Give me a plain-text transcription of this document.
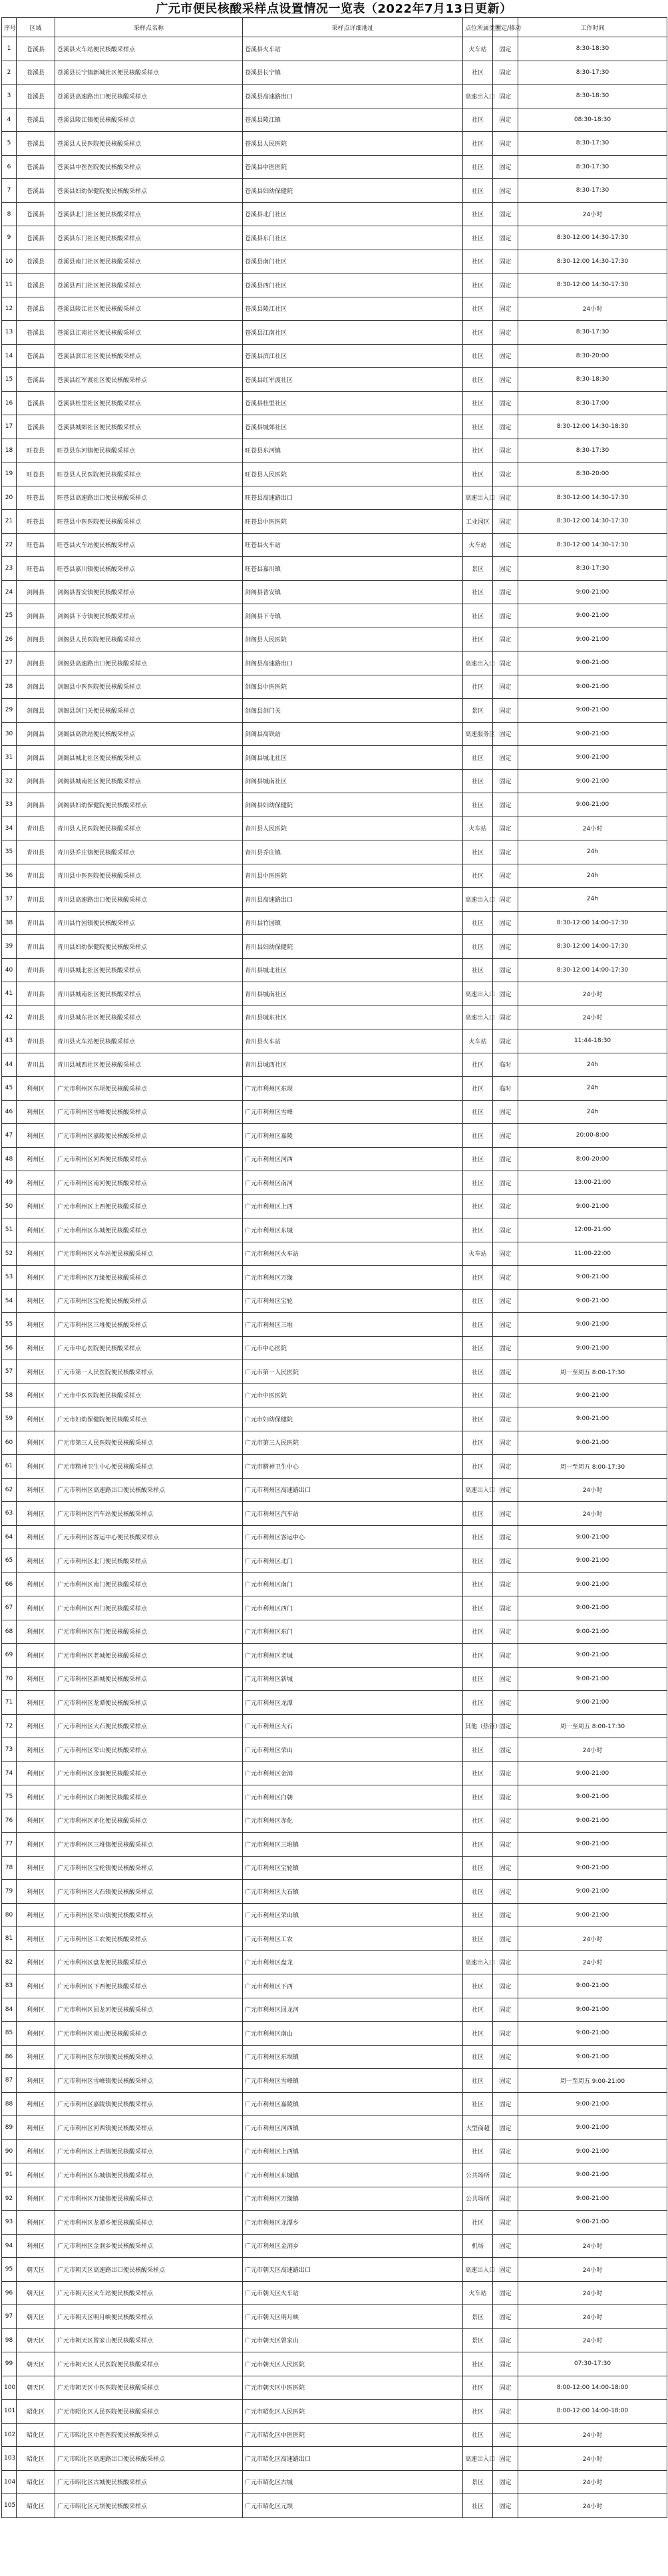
广元市便民核酸采样点设置情况一览表（2022年7月13日更新）
序号	区域	采样点名称	采样点详细地址	点位所属类型	固定/移动	工作时间
1	苍溪县	苍溪县火车站便民核酸采样点	苍溪县火车站	火车站	固定	8:30-18:30
2	苍溪县	苍溪县长宁镇新城社区便民核酸采样点	苍溪县长宁镇	社区	固定	8:30-17:30
3	苍溪县	苍溪县高速路出口便民核酸采样点	苍溪县高速路出口	高速出入口	固定	8:30-18:30
4	苍溪县	苍溪县陵江镇便民核酸采样点	苍溪县陵江镇	社区	固定	08:30-18:30
5	苍溪县	苍溪县人民医院便民核酸采样点	苍溪县人民医院	社区	固定	8:30-17:30
6	苍溪县	苍溪县中医医院便民核酸采样点	苍溪县中医医院	社区	固定	8:30-17:30
7	苍溪县	苍溪县妇幼保健院便民核酸采样点	苍溪县妇幼保健院	社区	固定	8:30-17:30
8	苍溪县	苍溪县北门社区便民核酸采样点	苍溪县北门社区	社区	固定	24小时
9	苍溪县	苍溪县东门社区便民核酸采样点	苍溪县东门社区	社区	固定	8:30-12:00 14:30-17:30
10	苍溪县	苍溪县南门社区便民核酸采样点	苍溪县南门社区	社区	固定	8:30-12:00 14:30-17:30
11	苍溪县	苍溪县西门社区便民核酸采样点	苍溪县西门社区	社区	固定	8:30-12:00 14:30-17:30
12	苍溪县	苍溪县陵江社区便民核酸采样点	苍溪县陵江社区	社区	固定	24小时
13	苍溪县	苍溪县江南社区便民核酸采样点	苍溪县江南社区	社区	固定	8:30-17:30
14	苍溪县	苍溪县滨江社区便民核酸采样点	苍溪县滨江社区	社区	固定	8:30-20:00
15	苍溪县	苍溪县红军渡社区便民核酸采样点	苍溪县红军渡社区	社区	固定	8:30-18:30
16	苍溪县	苍溪县杜里社区便民核酸采样点	苍溪县杜里社区	社区	固定	8:30-17:00
17	苍溪县	苍溪县城郊社区便民核酸采样点	苍溪县城郊社区	社区	固定	8:30-12:00 14:30-18:30
18	旺苍县	旺苍县东河镇便民核酸采样点	旺苍县东河镇	社区	固定	8:30-17:30
19	旺苍县	旺苍县人民医院便民核酸采样点	旺苍县人民医院	社区	固定	8:30-20:00
20	旺苍县	旺苍县高速路出口便民核酸采样点	旺苍县高速路出口	高速出入口	固定	8:30-12:00 14:30-17:30
21	旺苍县	旺苍县中医医院便民核酸采样点	旺苍县中医医院	工业园区	固定	8:30-12:00 14:30-17:30
22	旺苍县	旺苍县火车站便民核酸采样点	旺苍县火车站	火车站	固定	8:30-12:00 14:30-17:30
23	旺苍县	旺苍县嘉川镇便民核酸采样点	旺苍县嘉川镇	景区	固定	8:30-17:30
24	剑阁县	剑阁县普安镇便民核酸采样点	剑阁县普安镇	社区	固定	9:00-21:00
25	剑阁县	剑阁县下寺镇便民核酸采样点	剑阁县下寺镇	社区	固定	9:00-21:00
26	剑阁县	剑阁县人民医院便民核酸采样点	剑阁县人民医院	社区	固定	9:00-21:00
27	剑阁县	剑阁县高速路出口便民核酸采样点	剑阁县高速路出口	高速出入口	固定	9:00-21:00
28	剑阁县	剑阁县中医医院便民核酸采样点	剑阁县中医医院	社区	固定	9:00-21:00
29	剑阁县	剑阁县剑门关便民核酸采样点	剑阁县剑门关	景区	固定	9:00-21:00
30	剑阁县	剑阁县高铁站便民核酸采样点	剑阁县高铁站	高速服务区	固定	9:00-21:00
31	剑阁县	剑阁县城北社区便民核酸采样点	剑阁县城北社区	社区	固定	9:00-21:00
32	剑阁县	剑阁县城南社区便民核酸采样点	剑阁县城南社区	社区	固定	9:00-21:00
33	剑阁县	剑阁县妇幼保健院便民核酸采样点	剑阁县妇幼保健院	社区	固定	9:00-21:00
34	青川县	青川县人民医院便民核酸采样点	青川县人民医院	火车站	固定	24小时
35	青川县	青川县乔庄镇便民核酸采样点	青川县乔庄镇	社区	固定	24h
36	青川县	青川县中医医院便民核酸采样点	青川县中医医院	社区	固定	24h
37	青川县	青川县高速路出口便民核酸采样点	青川县高速路出口	高速出入口	固定	24h
38	青川县	青川县竹园镇便民核酸采样点	青川县竹园镇	社区	固定	8:30-12:00 14:00-17:30
39	青川县	青川县妇幼保健院便民核酸采样点	青川县妇幼保健院	社区	固定	8:30-12:00 14:00-17:30
40	青川县	青川县城北社区便民核酸采样点	青川县城北社区	社区	固定	8:30-12:00 14:00-17:30
41	青川县	青川县城南社区便民核酸采样点	青川县城南社区	高速出入口	固定	24小时
42	青川县	青川县城东社区便民核酸采样点	青川县城东社区	高速出入口	固定	24小时
43	青川县	青川县火车站便民核酸采样点	青川县火车站	火车站	固定	11:44-18:30
44	青川县	青川县城西社区便民核酸采样点	青川县城西社区	社区	临时	24h
45	利州区	广元市利州区东坝便民核酸采样点	广元市利州区东坝	社区	临时	24h
46	利州区	广元市利州区雪峰便民核酸采样点	广元市利州区雪峰	社区	固定	24h
47	利州区	广元市利州区嘉陵便民核酸采样点	广元市利州区嘉陵	社区	固定	20:00-8:00
48	利州区	广元市利州区河西便民核酸采样点	广元市利州区河西	社区	固定	8:00-20:00
49	利州区	广元市利州区南河便民核酸采样点	广元市利州区南河	社区	固定	13:00-21:00
50	利州区	广元市利州区上西便民核酸采样点	广元市利州区上西	社区	固定	9:00-21:00
51	利州区	广元市利州区东城便民核酸采样点	广元市利州区东城	社区	固定	12:00-21:00
52	利州区	广元市利州区火车站便民核酸采样点	广元市利州区火车站	火车站	固定	11:00-22:00
53	利州区	广元市利州区万缘便民核酸采样点	广元市利州区万缘	社区	固定	9:00-21:00
54	利州区	广元市利州区宝轮便民核酸采样点	广元市利州区宝轮	社区	固定	9:00-21:00
55	利州区	广元市利州区三堆便民核酸采样点	广元市利州区三堆	社区	固定	9:00-21:00
56	利州区	广元市中心医院便民核酸采样点	广元市中心医院	社区	固定	9:00-21:00
57	利州区	广元市第一人民医院便民核酸采样点	广元市第一人民医院	社区	固定	周一至周五 8:00-17:30
58	利州区	广元市中医医院便民核酸采样点	广元市中医医院	社区	固定	9:00-21:00
59	利州区	广元市妇幼保健院便民核酸采样点	广元市妇幼保健院	社区	固定	9:00-21:00
60	利州区	广元市第三人民医院便民核酸采样点	广元市第三人民医院	社区	固定	9:00-21:00
61	利州区	广元市精神卫生中心便民核酸采样点	广元市精神卫生中心	社区	固定	周一至周五 8:00-17:30
62	利州区	广元市利州区高速路出口便民核酸采样点	广元市利州区高速路出口	高速出入口	固定	24小时
63	利州区	广元市利州区汽车站便民核酸采样点	广元市利州区汽车站	社区	固定	24小时
64	利州区	广元市利州区客运中心便民核酸采样点	广元市利州区客运中心	社区	固定	9:00-21:00
65	利州区	广元市利州区北门便民核酸采样点	广元市利州区北门	社区	固定	9:00-21:00
66	利州区	广元市利州区南门便民核酸采样点	广元市利州区南门	社区	固定	9:00-21:00
67	利州区	广元市利州区西门便民核酸采样点	广元市利州区西门	社区	固定	9:00-21:00
68	利州区	广元市利州区东门便民核酸采样点	广元市利州区东门	社区	固定	9:00-21:00
69	利州区	广元市利州区老城便民核酸采样点	广元市利州区老城	社区	固定	9:00-21:00
70	利州区	广元市利州区新城便民核酸采样点	广元市利州区新城	社区	固定	9:00-21:00
71	利州区	广元市利州区龙潭便民核酸采样点	广元市利州区龙潭	社区	固定	9:00-21:00
72	利州区	广元市利州区大石便民核酸采样点	广元市利州区大石	其他（热管）	固定	周一至周五 8:00-17:30
73	利州区	广元市利州区荣山便民核酸采样点	广元市利州区荣山	社区	固定	24小时
74	利州区	广元市利州区金洞便民核酸采样点	广元市利州区金洞	社区	固定	9:00-21:00
75	利州区	广元市利州区白朝便民核酸采样点	广元市利州区白朝	社区	固定	9:00-21:00
76	利州区	广元市利州区赤化便民核酸采样点	广元市利州区赤化	社区	固定	9:00-21:00
77	利州区	广元市利州区三堆镇便民核酸采样点	广元市利州区三堆镇	社区	固定	9:00-21:00
78	利州区	广元市利州区宝轮镇便民核酸采样点	广元市利州区宝轮镇	社区	固定	9:00-21:00
79	利州区	广元市利州区大石镇便民核酸采样点	广元市利州区大石镇	社区	固定	9:00-21:00
80	利州区	广元市利州区荣山镇便民核酸采样点	广元市利州区荣山镇	社区	固定	9:00-21:00
81	利州区	广元市利州区工农便民核酸采样点	广元市利州区工农	社区	固定	24小时
82	利州区	广元市利州区盘龙便民核酸采样点	广元市利州区盘龙	高速出入口	固定	24小时
83	利州区	广元市利州区下西便民核酸采样点	广元市利州区下西	社区	固定	9:00-21:00
84	利州区	广元市利州区回龙河便民核酸采样点	广元市利州区回龙河	社区	固定	9:00-21:00
85	利州区	广元市利州区南山便民核酸采样点	广元市利州区南山	社区	固定	9:00-21:00
86	利州区	广元市利州区东坝镇便民核酸采样点	广元市利州区东坝镇	社区	固定	9:00-21:00
87	利州区	广元市利州区雪峰镇便民核酸采样点	广元市利州区雪峰镇	社区	固定	周一至周五 9:00-21:00
88	利州区	广元市利州区嘉陵镇便民核酸采样点	广元市利州区嘉陵镇	社区	固定	9:00-21:00
89	利州区	广元市利州区河西镇便民核酸采样点	广元市利州区河西镇	大型商超	固定	9:00-21:00
90	利州区	广元市利州区上西镇便民核酸采样点	广元市利州区上西镇	社区	固定	9:00-21:00
91	利州区	广元市利州区东城镇便民核酸采样点	广元市利州区东城镇	公共场所	固定	9:00-21:00
92	利州区	广元市利州区万缘镇便民核酸采样点	广元市利州区万缘镇	公共场所	固定	9:00-21:00
93	利州区	广元市利州区龙潭乡便民核酸采样点	广元市利州区龙潭乡	社区	固定	9:00-21:00
94	利州区	广元市利州区金洞乡便民核酸采样点	广元市利州区金洞乡	机场	固定	24小时
95	朝天区	广元市朝天区高速路出口便民核酸采样点	广元市朝天区高速路出口	高速出入口	固定	24小时
96	朝天区	广元市朝天区火车站便民核酸采样点	广元市朝天区火车站	火车站	固定	24小时
97	朝天区	广元市朝天区明月峡便民核酸采样点	广元市朝天区明月峡	景区	固定	24小时
98	朝天区	广元市朝天区曾家山便民核酸采样点	广元市朝天区曾家山	景区	固定	24小时
99	朝天区	广元市朝天区人民医院便民核酸采样点	广元市朝天区人民医院	社区	固定	07:30-17:30
100	朝天区	广元市朝天区中医医院便民核酸采样点	广元市朝天区中医医院	社区	固定	8:00-12:00 14:00-18:00
101	昭化区	广元市昭化区人民医院便民核酸采样点	广元市昭化区人民医院	社区	固定	8:00-12:00 14:00-18:00
102	昭化区	广元市昭化区中医医院便民核酸采样点	广元市昭化区中医医院	社区	固定	24小时
103	昭化区	广元市昭化区高速路出口便民核酸采样点	广元市昭化区高速路出口	高速出入口	固定	24小时
104	昭化区	广元市昭化区古城便民核酸采样点	广元市昭化区古城	景区	固定	24小时
105	昭化区	广元市昭化区元坝便民核酸采样点	广元市昭化区元坝	社区	固定	24小时
